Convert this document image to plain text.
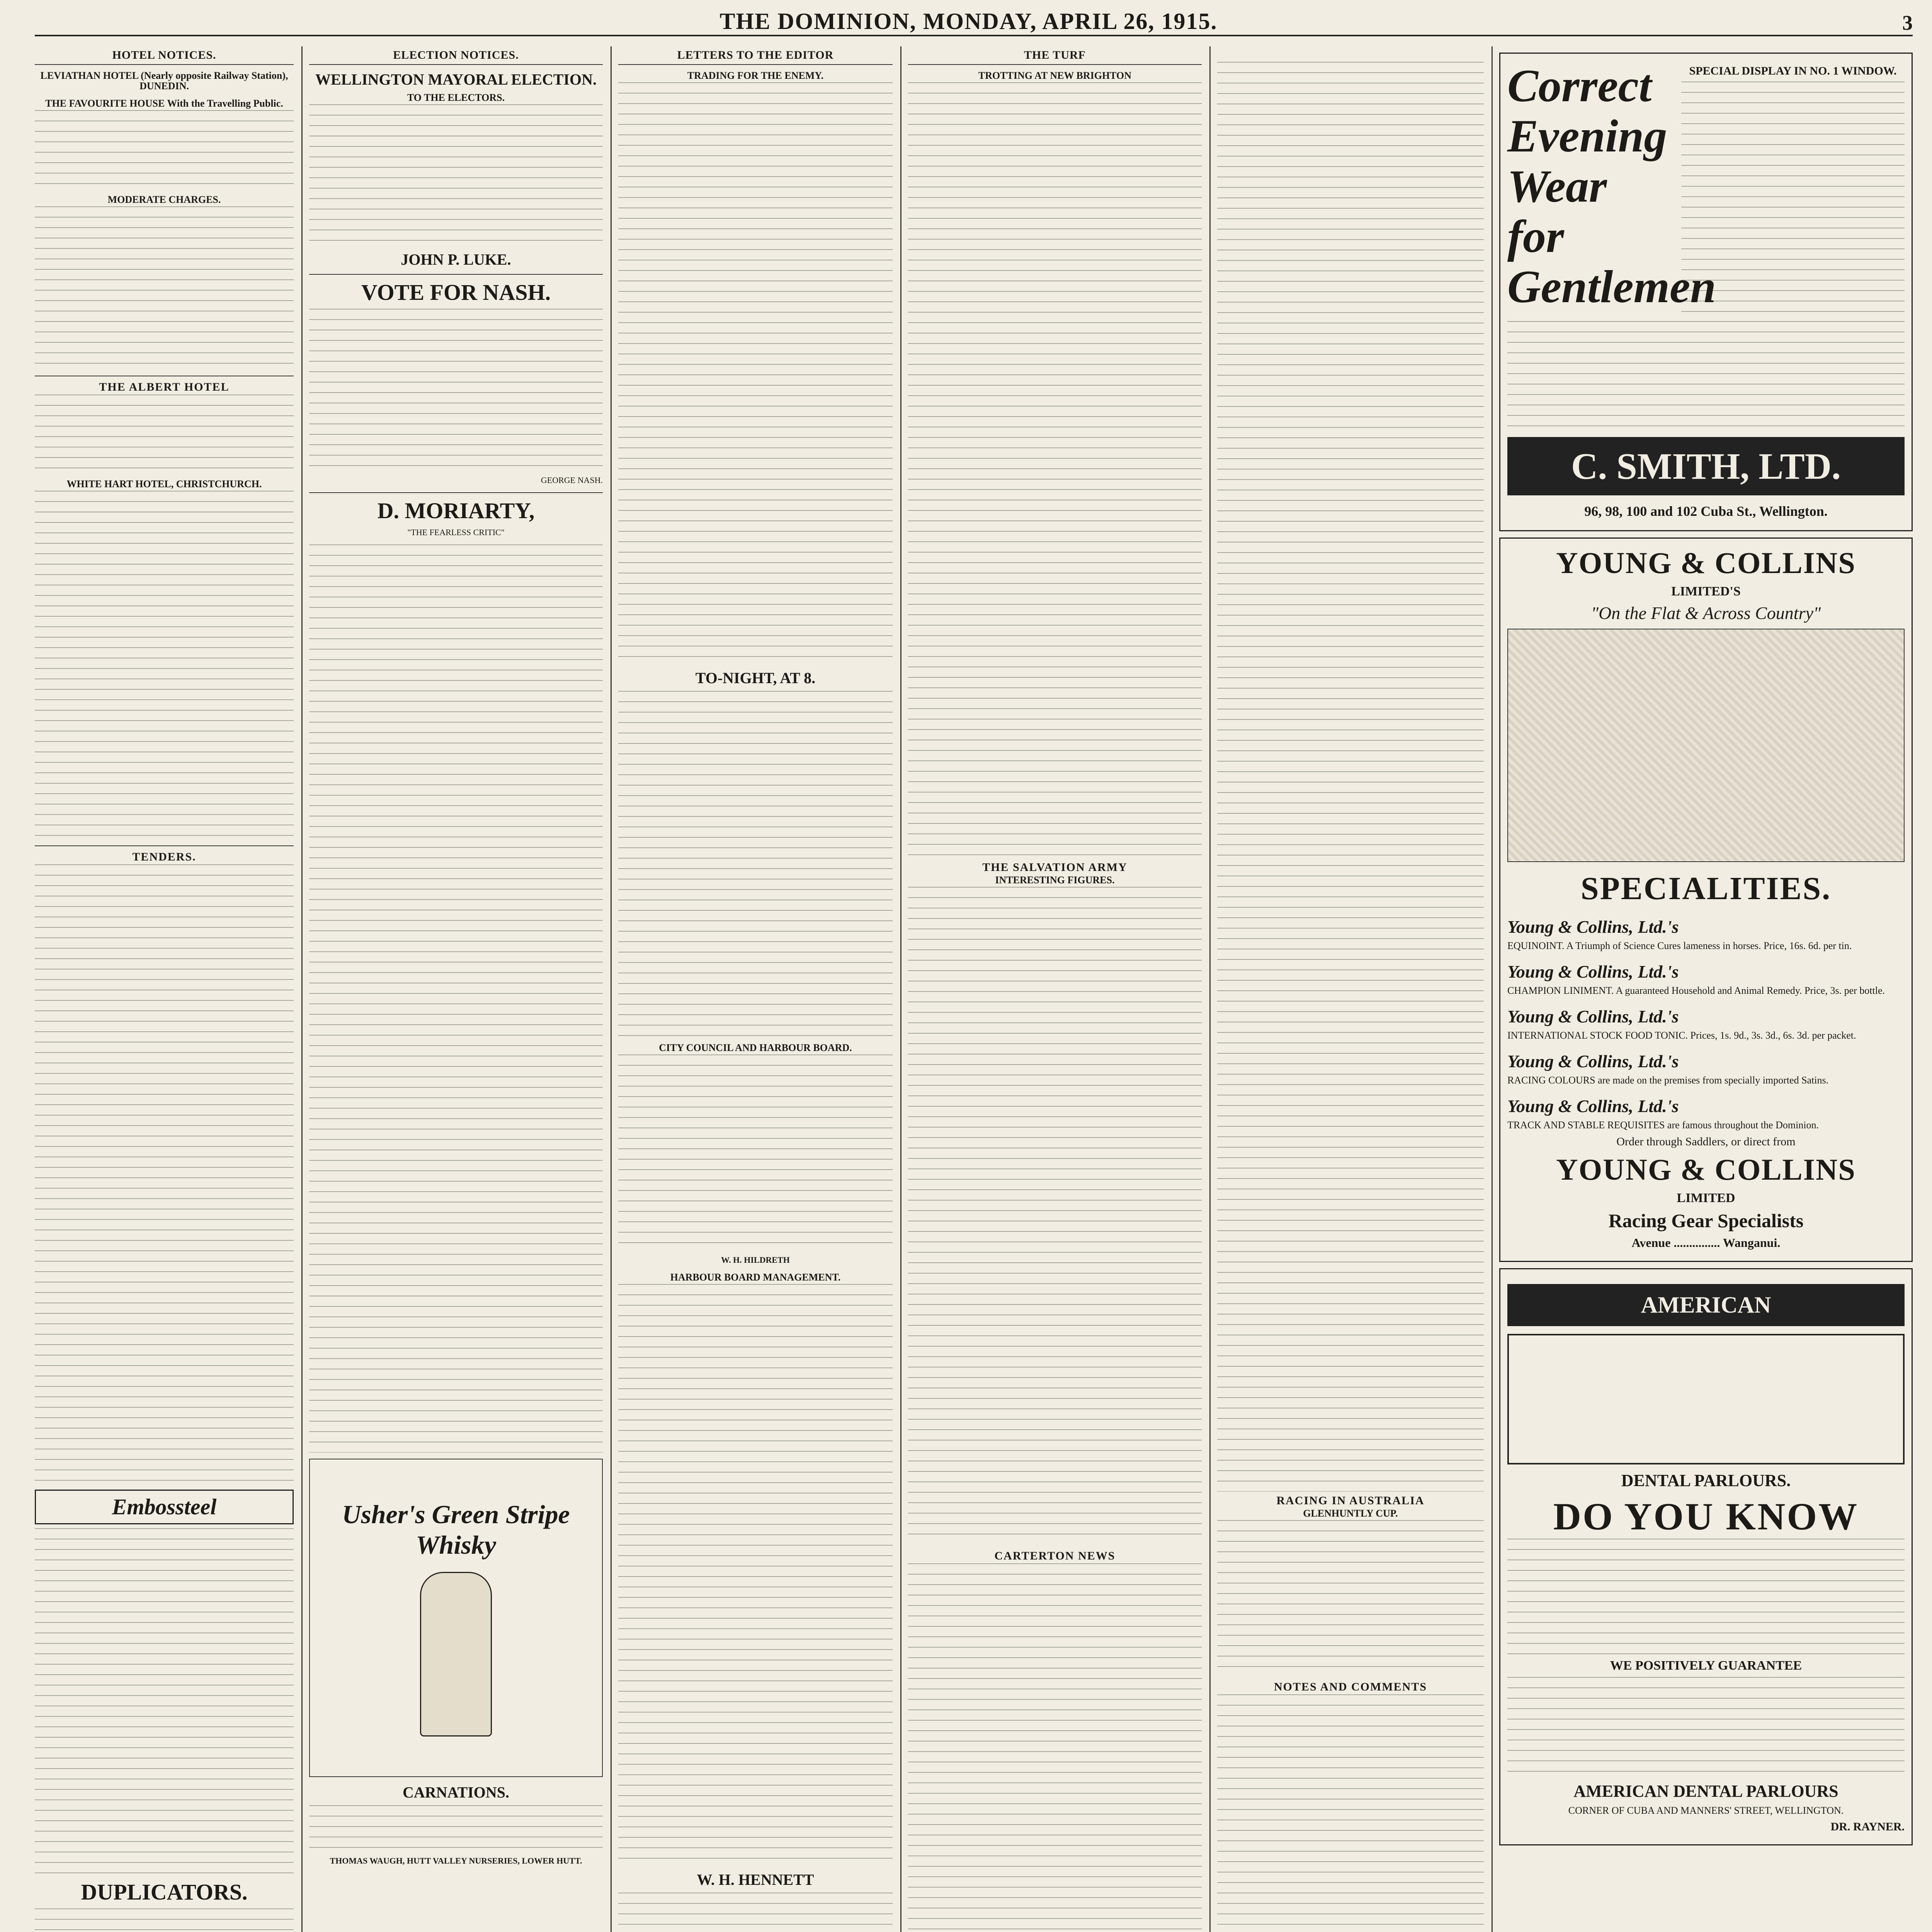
THE DOMINION, MONDAY, APRIL 26, 1915.	3
HOTEL NOTICES.
LEVIATHAN HOTEL (Nearly opposite Railway Station), DUNEDIN.
THE FAVOURITE HOUSE With the Travelling Public.
MODERATE CHARGES.
THE ALBERT HOTEL
WHITE HART HOTEL, CHRISTCHURCH.
TENDERS.
Embossteel
DUPLICATORS.
ELECTION NOTICES.
WELLINGTON MAYORAL ELECTION.
TO THE ELECTORS.
JOHN P. LUKE.
VOTE FOR NASH.
GEORGE NASH.
D. MORIARTY,
"THE FEARLESS CRITIC"
Usher's Green Stripe Whisky
CARNATIONS.
THOMAS WAUGH, HUTT VALLEY NURSERIES, LOWER HUTT.
LETTERS TO THE EDITOR
TRADING FOR THE ENEMY.
TO-NIGHT, AT 8.
CITY COUNCIL AND HARBOUR BOARD.
W. H. HILDRETH
HARBOUR BOARD MANAGEMENT.
W. H. HENNETT
THE TURF
TROTTING AT NEW BRIGHTON
THE SALVATION ARMY
INTERESTING FIGURES.
CARTERTON NEWS
RACING IN AUSTRALIA
GLENHUNTLY CUP.
NOTES AND COMMENTS
Correct Evening Wear for Gentlemen
SPECIAL DISPLAY IN NO. 1 WINDOW.
C. SMITH, LTD.
96, 98, 100 and 102 Cuba St., Wellington.
YOUNG & COLLINS
LIMITED'S
"On the Flat & Across Country"
SPECIALITIES.
Young & Collins, Ltd.'s
EQUINOINT. A Triumph of Science Cures lameness in horses. Price, 16s. 6d. per tin.
Young & Collins, Ltd.'s
CHAMPION LINIMENT. A guaranteed Household and Animal Remedy. Price, 3s. per bottle.
Young & Collins, Ltd.'s
INTERNATIONAL STOCK FOOD TONIC. Prices, 1s. 9d., 3s. 3d., 6s. 3d. per packet.
Young & Collins, Ltd.'s
RACING COLOURS are made on the premises from specially imported Satins.
Young & Collins, Ltd.'s
TRACK AND STABLE REQUISITES are famous throughout the Dominion.
Order through Saddlers, or direct from
YOUNG & COLLINS
LIMITED
Racing Gear Specialists
Avenue ............... Wanganui.
AMERICAN
DENTAL PARLOURS.
DO YOU KNOW
WE POSITIVELY GUARANTEE
AMERICAN DENTAL PARLOURS
CORNER OF CUBA AND MANNERS' STREET, WELLINGTON.
DR. RAYNER.
